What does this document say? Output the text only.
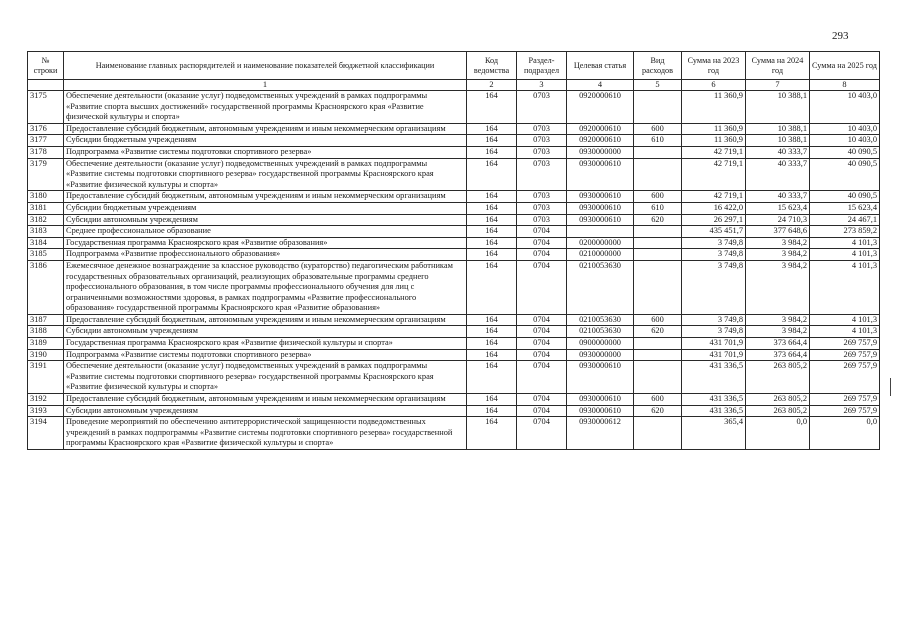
293
№ строки	Наименование главных распорядителей и наименование показателей бюджетной классификации	Код ведомства	Раздел-подраздел	Целевая статья	Вид расходов	Сумма на 2023 год	Сумма на 2024 год	Сумма на 2025 год
	1	2	3	4	5	6	7	8
3175	Обеспечение деятельности (оказание услуг) подведомственных учреждений в рамках подпрограммы «Развитие спорта высших достижений» государственной программы Красноярского края «Развитие физической культуры и спорта»	164	0703	0920000610		11 360,9	10 388,1	10 403,0
3176	Предоставление субсидий бюджетным, автономным учреждениям и иным некоммерческим организациям	164	0703	0920000610	600	11 360,9	10 388,1	10 403,0
3177	Субсидии бюджетным учреждениям	164	0703	0920000610	610	11 360,9	10 388,1	10 403,0
3178	Подпрограмма «Развитие системы подготовки спортивного резерва»	164	0703	0930000000		42 719,1	40 333,7	40 090,5
3179	Обеспечение деятельности (оказание услуг) подведомственных учреждений в рамках подпрограммы «Развитие системы подготовки спортивного резерва» государственной программы Красноярского края «Развитие физической культуры и спорта»	164	0703	0930000610		42 719,1	40 333,7	40 090,5
3180	Предоставление субсидий бюджетным, автономным учреждениям и иным некоммерческим организациям	164	0703	0930000610	600	42 719,1	40 333,7	40 090,5
3181	Субсидии бюджетным учреждениям	164	0703	0930000610	610	16 422,0	15 623,4	15 623,4
3182	Субсидии автономным учреждениям	164	0703	0930000610	620	26 297,1	24 710,3	24 467,1
3183	Среднее профессиональное образование	164	0704			435 451,7	377 648,6	273 859,2
3184	Государственная программа Красноярского края «Развитие образования»	164	0704	0200000000		3 749,8	3 984,2	4 101,3
3185	Подпрограмма «Развитие профессионального образования»	164	0704	0210000000		3 749,8	3 984,2	4 101,3
3186	Ежемесячное денежное вознаграждение за классное руководство (кураторство) педагогическим работникам государственных образовательных организаций, реализующих образовательные программы среднего профессионального образования, в том числе программы профессионального обучения для лиц с ограниченными возможностями здоровья, в рамках подпрограммы «Развитие профессионального образования» государственной программы Красноярского края «Развитие образования»	164	0704	0210053630		3 749,8	3 984,2	4 101,3
3187	Предоставление субсидий бюджетным, автономным учреждениям и иным некоммерческим организациям	164	0704	0210053630	600	3 749,8	3 984,2	4 101,3
3188	Субсидии автономным учреждениям	164	0704	0210053630	620	3 749,8	3 984,2	4 101,3
3189	Государственная программа Красноярского края «Развитие физической культуры и спорта»	164	0704	0900000000		431 701,9	373 664,4	269 757,9
3190	Подпрограмма «Развитие системы подготовки спортивного резерва»	164	0704	0930000000		431 701,9	373 664,4	269 757,9
3191	Обеспечение деятельности (оказание услуг) подведомственных учреждений в рамках подпрограммы «Развитие системы подготовки спортивного резерва» государственной программы Красноярского края «Развитие физической культуры и спорта»	164	0704	0930000610		431 336,5	263 805,2	269 757,9
3192	Предоставление субсидий бюджетным, автономным учреждениям и иным некоммерческим организациям	164	0704	0930000610	600	431 336,5	263 805,2	269 757,9
3193	Субсидии автономным учреждениям	164	0704	0930000610	620	431 336,5	263 805,2	269 757,9
3194	Проведение мероприятий по обеспечению антитеррористической защищенности подведомственных учреждений в рамках подпрограммы «Развитие системы подготовки спортивного резерва» государственной программы Красноярского края «Развитие физической культуры и спорта»	164	0704	0930000612		365,4	0,0	0,0
